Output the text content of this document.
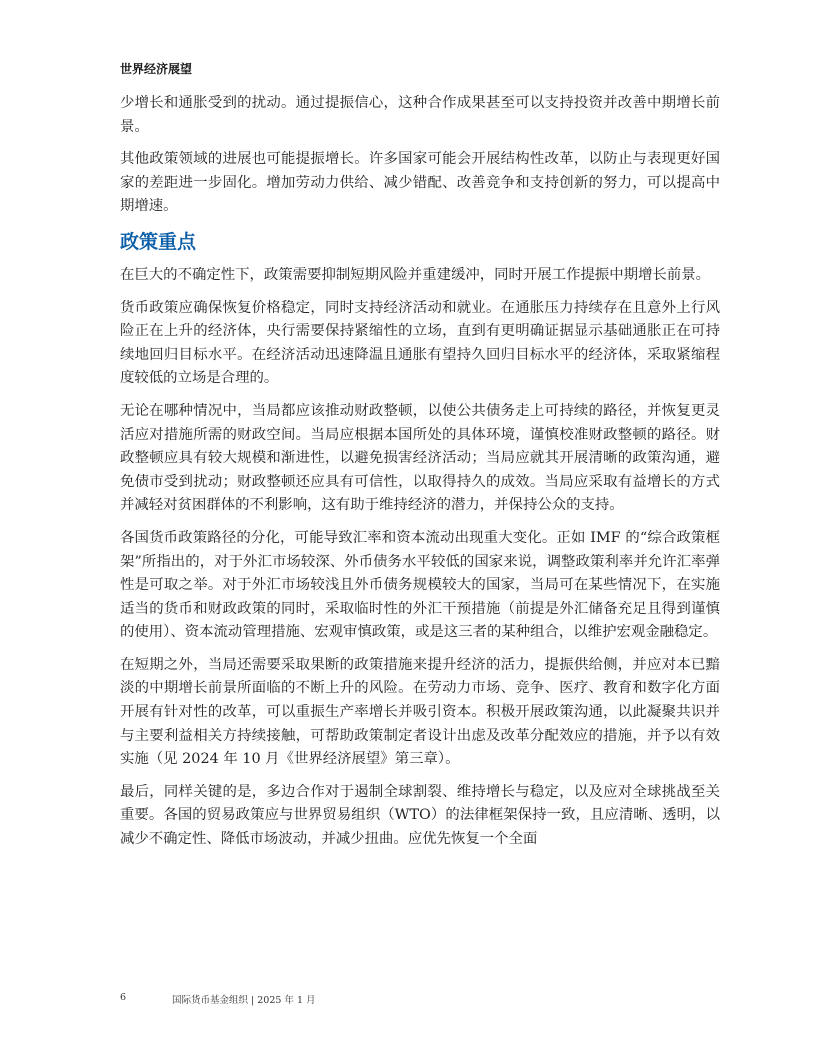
世界经济展望

少增长和通胀受到的扰动。通过提振信心，这种合作成果甚至可以支持投资并改善中期增长前景。

其他政策领域的进展也可能提振增长。许多国家可能会开展结构性改革，以防止与表现更好国家的差距进一步固化。增加劳动力供给、减少错配、改善竞争和支持创新的努力，可以提高中期增速。

政策重点

在巨大的不确定性下，政策需要抑制短期风险并重建缓冲，同时开展工作提振中期增长前景。

货币政策应确保恢复价格稳定，同时支持经济活动和就业。在通胀压力持续存在且意外上行风险正在上升的经济体，央行需要保持紧缩性的立场，直到有更明确证据显示基础通胀正在可持续地回归目标水平。在经济活动迅速降温且通胀有望持久回归目标水平的经济体，采取紧缩程度较低的立场是合理的。

无论在哪种情况中，当局都应该推动财政整顿，以使公共债务走上可持续的路径，并恢复更灵活应对措施所需的财政空间。当局应根据本国所处的具体环境，谨慎校准财政整顿的路径。财政整顿应具有较大规模和渐进性，以避免损害经济活动；当局应就其开展清晰的政策沟通，避免债市受到扰动；财政整顿还应具有可信性，以取得持久的成效。当局应采取有益增长的方式并减轻对贫困群体的不利影响，这有助于维持经济的潜力，并保持公众的支持。

各国货币政策路径的分化，可能导致汇率和资本流动出现重大变化。正如 IMF 的“综合政策框架”所指出的，对于外汇市场较深、外币债务水平较低的国家来说，调整政策利率并允许汇率弹性是可取之举。对于外汇市场较浅且外币债务规模较大的国家，当局可在某些情况下，在实施适当的货币和财政政策的同时，采取临时性的外汇干预措施（前提是外汇储备充足且得到谨慎的使用）、资本流动管理措施、宏观审慎政策，或是这三者的某种组合，以维护宏观金融稳定。

在短期之外，当局还需要采取果断的政策措施来提升经济的活力，提振供给侧，并应对本已黯淡的中期增长前景所面临的不断上升的风险。在劳动力市场、竞争、医疗、教育和数字化方面开展有针对性的改革，可以重振生产率增长并吸引资本。积极开展政策沟通，以此凝聚共识并与主要利益相关方持续接触，可帮助政策制定者设计出虑及改革分配效应的措施，并予以有效实施（见 2024 年 10 月《世界经济展望》第三章）。

最后，同样关键的是，多边合作对于遏制全球割裂、维持增长与稳定，以及应对全球挑战至关重要。各国的贸易政策应与世界贸易组织（WTO）的法律框架保持一致，且应清晰、透明，以减少不确定性、降低市场波动，并减少扭曲。应优先恢复一个全面

6	国际货币基金组织 | 2025 年 1 月
